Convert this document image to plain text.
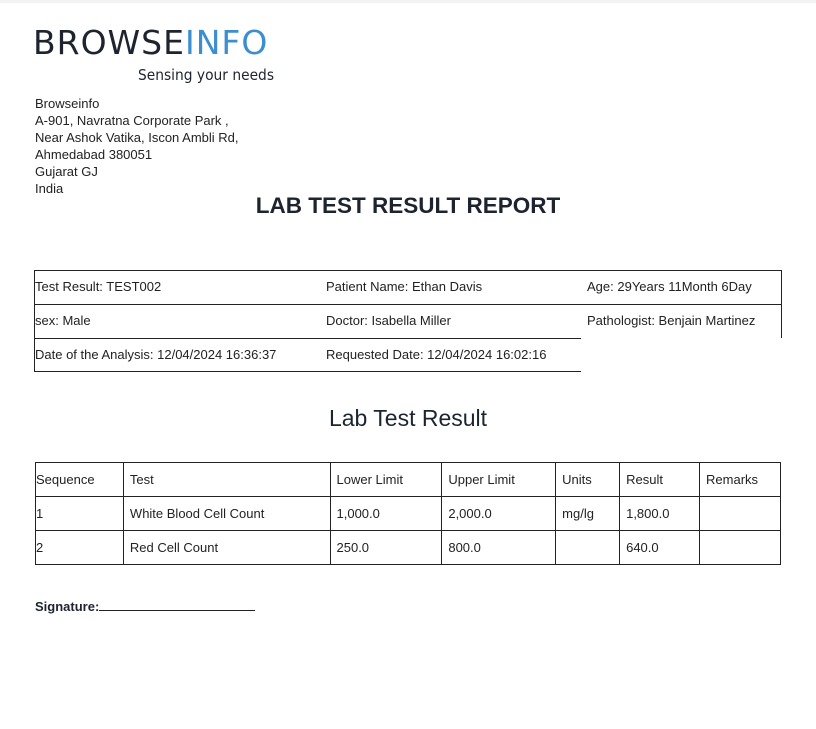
BROWSEINFO
Sensing your needs
Browseinfo
A-901, Navratna Corporate Park ,
Near Ashok Vatika, Iscon Ambli Rd,
Ahmedabad 380051
Gujarat GJ
India
LAB TEST RESULT REPORT
Test Result: TEST002	Patient Name: Ethan Davis	Age: 29Years 11Month 6Day
sex: Male	Doctor: Isabella Miller	Pathologist: Benjain Martinez
Date of the Analysis: 12/04/2024 16:36:37	Requested Date: 12/04/2024 16:02:16
Lab Test Result
Sequence	Test	Lower Limit	Upper Limit	Units	Result	Remarks
1	White Blood Cell Count	1,000.0	2,000.0	mg/lg	1,800.0	
2	Red Cell Count	250.0	800.0		640.0	
Signature:
